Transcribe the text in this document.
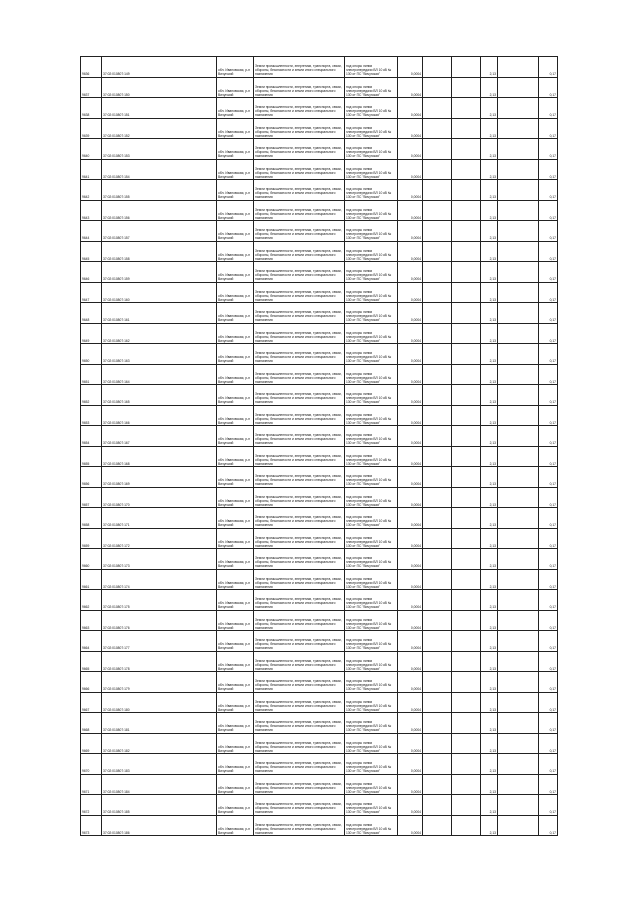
9636	37:02:010807:149	обл. Ивановская, р-н Вичугский	Земли промышленности, энергетики, транспорта, связи, обороны, безопасности и земли иного специального назначения	под опоры линии электропередачи ВЛ 10 кВ № 130 от ПС "Вичугская"	0,0004			2,13		0,17
9637	37:02:010807:150	обл. Ивановская, р-н Вичугский	Земли промышленности, энергетики, транспорта, связи, обороны, безопасности и земли иного специального назначения	под опоры линии электропередачи ВЛ 10 кВ № 130 от ПС "Вичугская"	0,0004			2,13		0,17
9638	37:02:010807:151	обл. Ивановская, р-н Вичугский	Земли промышленности, энергетики, транспорта, связи, обороны, безопасности и земли иного специального назначения	под опоры линии электропередачи ВЛ 10 кВ № 130 от ПС "Вичугская"	0,0004			2,13		0,17
9639	37:02:010807:152	обл. Ивановская, р-н Вичугский	Земли промышленности, энергетики, транспорта, связи, обороны, безопасности и земли иного специального назначения	под опоры линии электропередачи ВЛ 10 кВ № 130 от ПС "Вичугская"	0,0004			2,13		0,17
9640	37:02:010807:153	обл. Ивановская, р-н Вичугский	Земли промышленности, энергетики, транспорта, связи, обороны, безопасности и земли иного специального назначения	под опоры линии электропередачи ВЛ 10 кВ № 130 от ПС "Вичугская"	0,0004			2,13		0,17
9641	37:02:010807:154	обл. Ивановская, р-н Вичугский	Земли промышленности, энергетики, транспорта, связи, обороны, безопасности и земли иного специального назначения	под опоры линии электропередачи ВЛ 10 кВ № 130 от ПС "Вичугская"	0,0004			2,13		0,17
9642	37:02:010807:155	обл. Ивановская, р-н Вичугский	Земли промышленности, энергетики, транспорта, связи, обороны, безопасности и земли иного специального назначения	под опоры линии электропередачи ВЛ 10 кВ № 130 от ПС "Вичугская"	0,0004			2,13		0,17
9643	37:02:010807:156	обл. Ивановская, р-н Вичугский	Земли промышленности, энергетики, транспорта, связи, обороны, безопасности и земли иного специального назначения	под опоры линии электропередачи ВЛ 10 кВ № 130 от ПС "Вичугская"	0,0004			2,13		0,17
9644	37:02:010807:157	обл. Ивановская, р-н Вичугский	Земли промышленности, энергетики, транспорта, связи, обороны, безопасности и земли иного специального назначения	под опоры линии электропередачи ВЛ 10 кВ № 130 от ПС "Вичугская"	0,0004			2,13		0,17
9645	37:02:010807:158	обл. Ивановская, р-н Вичугский	Земли промышленности, энергетики, транспорта, связи, обороны, безопасности и земли иного специального назначения	под опоры линии электропередачи ВЛ 10 кВ № 130 от ПС "Вичугская"	0,0004			2,13		0,17
9646	37:02:010807:159	обл. Ивановская, р-н Вичугский	Земли промышленности, энергетики, транспорта, связи, обороны, безопасности и земли иного специального назначения	под опоры линии электропередачи ВЛ 10 кВ № 130 от ПС "Вичугская"	0,0004			2,13		0,17
9647	37:02:010807:160	обл. Ивановская, р-н Вичугский	Земли промышленности, энергетики, транспорта, связи, обороны, безопасности и земли иного специального назначения	под опоры линии электропередачи ВЛ 10 кВ № 130 от ПС "Вичугская"	0,0004			2,13		0,17
9648	37:02:010807:161	обл. Ивановская, р-н Вичугский	Земли промышленности, энергетики, транспорта, связи, обороны, безопасности и земли иного специального назначения	под опоры линии электропередачи ВЛ 10 кВ № 130 от ПС "Вичугская"	0,0004			2,13		0,17
9649	37:02:010807:162	обл. Ивановская, р-н Вичугский	Земли промышленности, энергетики, транспорта, связи, обороны, безопасности и земли иного специального назначения	под опоры линии электропередачи ВЛ 10 кВ № 130 от ПС "Вичугская"	0,0004			2,13		0,17
9650	37:02:010807:163	обл. Ивановская, р-н Вичугский	Земли промышленности, энергетики, транспорта, связи, обороны, безопасности и земли иного специального назначения	под опоры линии электропередачи ВЛ 10 кВ № 130 от ПС "Вичугская"	0,0004			2,13		0,17
9651	37:02:010807:164	обл. Ивановская, р-н Вичугский	Земли промышленности, энергетики, транспорта, связи, обороны, безопасности и земли иного специального назначения	под опоры линии электропередачи ВЛ 10 кВ № 130 от ПС "Вичугская"	0,0004			2,13		0,17
9652	37:02:010807:165	обл. Ивановская, р-н Вичугский	Земли промышленности, энергетики, транспорта, связи, обороны, безопасности и земли иного специального назначения	под опоры линии электропередачи ВЛ 10 кВ № 130 от ПС "Вичугская"	0,0004			2,13		0,17
9653	37:02:010807:166	обл. Ивановская, р-н Вичугский	Земли промышленности, энергетики, транспорта, связи, обороны, безопасности и земли иного специального назначения	под опоры линии электропередачи ВЛ 10 кВ № 130 от ПС "Вичугская"	0,0004			2,13		0,17
9654	37:02:010807:167	обл. Ивановская, р-н Вичугский	Земли промышленности, энергетики, транспорта, связи, обороны, безопасности и земли иного специального назначения	под опоры линии электропередачи ВЛ 10 кВ № 130 от ПС "Вичугская"	0,0004			2,13		0,17
9655	37:02:010807:168	обл. Ивановская, р-н Вичугский	Земли промышленности, энергетики, транспорта, связи, обороны, безопасности и земли иного специального назначения	под опоры линии электропередачи ВЛ 10 кВ № 130 от ПС "Вичугская"	0,0004			2,13		0,17
9656	37:02:010807:169	обл. Ивановская, р-н Вичугский	Земли промышленности, энергетики, транспорта, связи, обороны, безопасности и земли иного специального назначения	под опоры линии электропередачи ВЛ 10 кВ № 130 от ПС "Вичугская"	0,0004			2,13		0,17
9657	37:02:010807:170	обл. Ивановская, р-н Вичугский	Земли промышленности, энергетики, транспорта, связи, обороны, безопасности и земли иного специального назначения	под опоры линии электропередачи ВЛ 10 кВ № 130 от ПС "Вичугская"	0,0004			2,13		0,17
9658	37:02:010807:171	обл. Ивановская, р-н Вичугский	Земли промышленности, энергетики, транспорта, связи, обороны, безопасности и земли иного специального назначения	под опоры линии электропередачи ВЛ 10 кВ № 130 от ПС "Вичугская"	0,0004			2,13		0,17
9659	37:02:010807:172	обл. Ивановская, р-н Вичугский	Земли промышленности, энергетики, транспорта, связи, обороны, безопасности и земли иного специального назначения	под опоры линии электропередачи ВЛ 10 кВ № 130 от ПС "Вичугская"	0,0004			2,13		0,17
9660	37:02:010807:173	обл. Ивановская, р-н Вичугский	Земли промышленности, энергетики, транспорта, связи, обороны, безопасности и земли иного специального назначения	под опоры линии электропередачи ВЛ 10 кВ № 130 от ПС "Вичугская"	0,0004			2,13		0,17
9661	37:02:010807:174	обл. Ивановская, р-н Вичугский	Земли промышленности, энергетики, транспорта, связи, обороны, безопасности и земли иного специального назначения	под опоры линии электропередачи ВЛ 10 кВ № 130 от ПС "Вичугская"	0,0004			2,13		0,17
9662	37:02:010807:175	обл. Ивановская, р-н Вичугский	Земли промышленности, энергетики, транспорта, связи, обороны, безопасности и земли иного специального назначения	под опоры линии электропередачи ВЛ 10 кВ № 130 от ПС "Вичугская"	0,0004			2,13		0,17
9663	37:02:010807:176	обл. Ивановская, р-н Вичугский	Земли промышленности, энергетики, транспорта, связи, обороны, безопасности и земли иного специального назначения	под опоры линии электропередачи ВЛ 10 кВ № 130 от ПС "Вичугская"	0,0004			2,13		0,17
9664	37:02:010807:177	обл. Ивановская, р-н Вичугский	Земли промышленности, энергетики, транспорта, связи, обороны, безопасности и земли иного специального назначения	под опоры линии электропередачи ВЛ 10 кВ № 130 от ПС "Вичугская"	0,0004			2,13		0,17
9665	37:02:010807:178	обл. Ивановская, р-н Вичугский	Земли промышленности, энергетики, транспорта, связи, обороны, безопасности и земли иного специального назначения	под опоры линии электропередачи ВЛ 10 кВ № 130 от ПС "Вичугская"	0,0004			2,13		0,17
9666	37:02:010807:179	обл. Ивановская, р-н Вичугский	Земли промышленности, энергетики, транспорта, связи, обороны, безопасности и земли иного специального назначения	под опоры линии электропередачи ВЛ 10 кВ № 130 от ПС "Вичугская"	0,0004			2,13		0,17
9667	37:02:010807:180	обл. Ивановская, р-н Вичугский	Земли промышленности, энергетики, транспорта, связи, обороны, безопасности и земли иного специального назначения	под опоры линии электропередачи ВЛ 10 кВ № 130 от ПС "Вичугская"	0,0004			2,13		0,17
9668	37:02:010807:181	обл. Ивановская, р-н Вичугский	Земли промышленности, энергетики, транспорта, связи, обороны, безопасности и земли иного специального назначения	под опоры линии электропередачи ВЛ 10 кВ № 130 от ПС "Вичугская"	0,0004			2,13		0,17
9669	37:02:010807:182	обл. Ивановская, р-н Вичугский	Земли промышленности, энергетики, транспорта, связи, обороны, безопасности и земли иного специального назначения	под опоры линии электропередачи ВЛ 10 кВ № 130 от ПС "Вичугская"	0,0004			2,13		0,17
9670	37:02:010807:183	обл. Ивановская, р-н Вичугский	Земли промышленности, энергетики, транспорта, связи, обороны, безопасности и земли иного специального назначения	под опоры линии электропередачи ВЛ 10 кВ № 130 от ПС "Вичугская"	0,0004			2,13		0,17
9671	37:02:010807:184	обл. Ивановская, р-н Вичугский	Земли промышленности, энергетики, транспорта, связи, обороны, безопасности и земли иного специального назначения	под опоры линии электропередачи ВЛ 10 кВ № 130 от ПС "Вичугская"	0,0004			2,13		0,17
9672	37:02:010807:185	обл. Ивановская, р-н Вичугский	Земли промышленности, энергетики, транспорта, связи, обороны, безопасности и земли иного специального назначения	под опоры линии электропередачи ВЛ 10 кВ № 130 от ПС "Вичугская"	0,0004			2,13		0,17
9673	37:02:010807:186	обл. Ивановская, р-н Вичугский	Земли промышленности, энергетики, транспорта, связи, обороны, безопасности и земли иного специального назначения	под опоры линии электропередачи ВЛ 10 кВ № 130 от ПС "Вичугская"	0,0004			2,13		0,17
